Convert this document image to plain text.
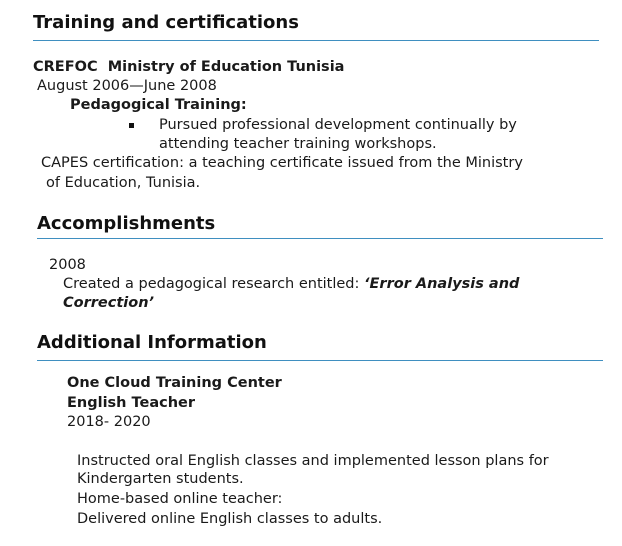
Training and certifications
CREFOC Ministry of Education Tunisia
August 2006—June 2008
Pedagogical Training:
Pursued professional development continually by
attending teacher training workshops.
CAPES certification: a teaching certificate issued from the Ministry
of Education, Tunisia.
Accomplishments
2008
Created a pedagogical research entitled: ‘Error Analysis and
Correction’
Additional Information
One Cloud Training Center
English Teacher
2018- 2020
Instructed oral English classes and implemented lesson plans for
Kindergarten students.
Home-based online teacher:
Delivered online English classes to adults.
